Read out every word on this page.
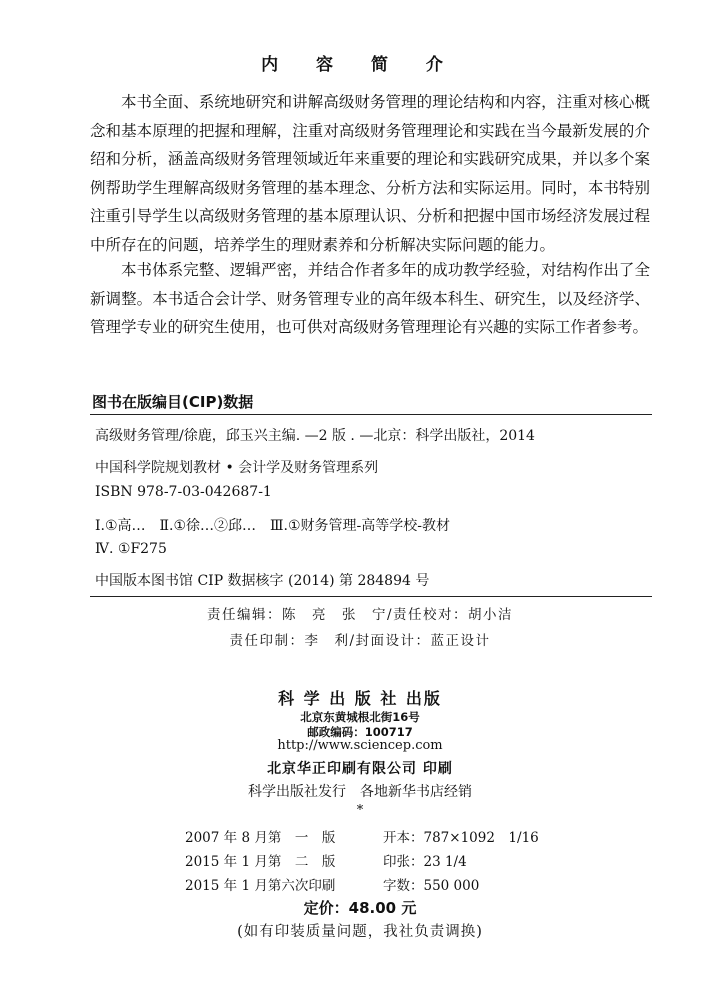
内 容 简 介

本书全面、系统地研究和讲解高级财务管理的理论结构和内容，注重对核心概念和基本原理的把握和理解，注重对高级财务管理理论和实践在当今最新发展的介绍和分析，涵盖高级财务管理领域近年来重要的理论和实践研究成果，并以多个案例帮助学生理解高级财务管理的基本理念、分析方法和实际运用。同时，本书特别注重引导学生以高级财务管理的基本原理认识、分析和把握中国市场经济发展过程中所存在的问题，培养学生的理财素养和分析解决实际问题的能力。

本书体系完整、逻辑严密，并结合作者多年的成功教学经验，对结构作出了全新调整。本书适合会计学、财务管理专业的高年级本科生、研究生，以及经济学、管理学专业的研究生使用，也可供对高级财务管理理论有兴趣的实际工作者参考。

图书在版编目(CIP)数据
高级财务管理/徐鹿，邱玉兴主编. —2 版 . —北京：科学出版社，2014
中国科学院规划教材 • 会计学及财务管理系列
ISBN 978-7-03-042687-1
Ⅰ.①高…　Ⅱ.①徐…②邱…　Ⅲ.①财务管理-高等学校-教材
Ⅳ. ①F275
中国版本图书馆 CIP 数据核字 (2014) 第 284894 号
责任编辑：陈　亮　张　宁/责任校对：胡小洁
责任印制：李　利/封面设计：蓝正设计
科 学 出 版 社 出版
北京东黄城根北街16号
邮政编码：100717
http://www.sciencep.com
北京华正印刷有限公司 印刷
科学出版社发行　各地新华书店经销
*
2007 年 8 月第　一　版	开本：787×1092　1/16
2015 年 1 月第　二　版	印张：23 1/4
2015 年 1 月第六次印刷	字数：550 000
定价：48.00 元
(如有印装质量问题，我社负责调换)
